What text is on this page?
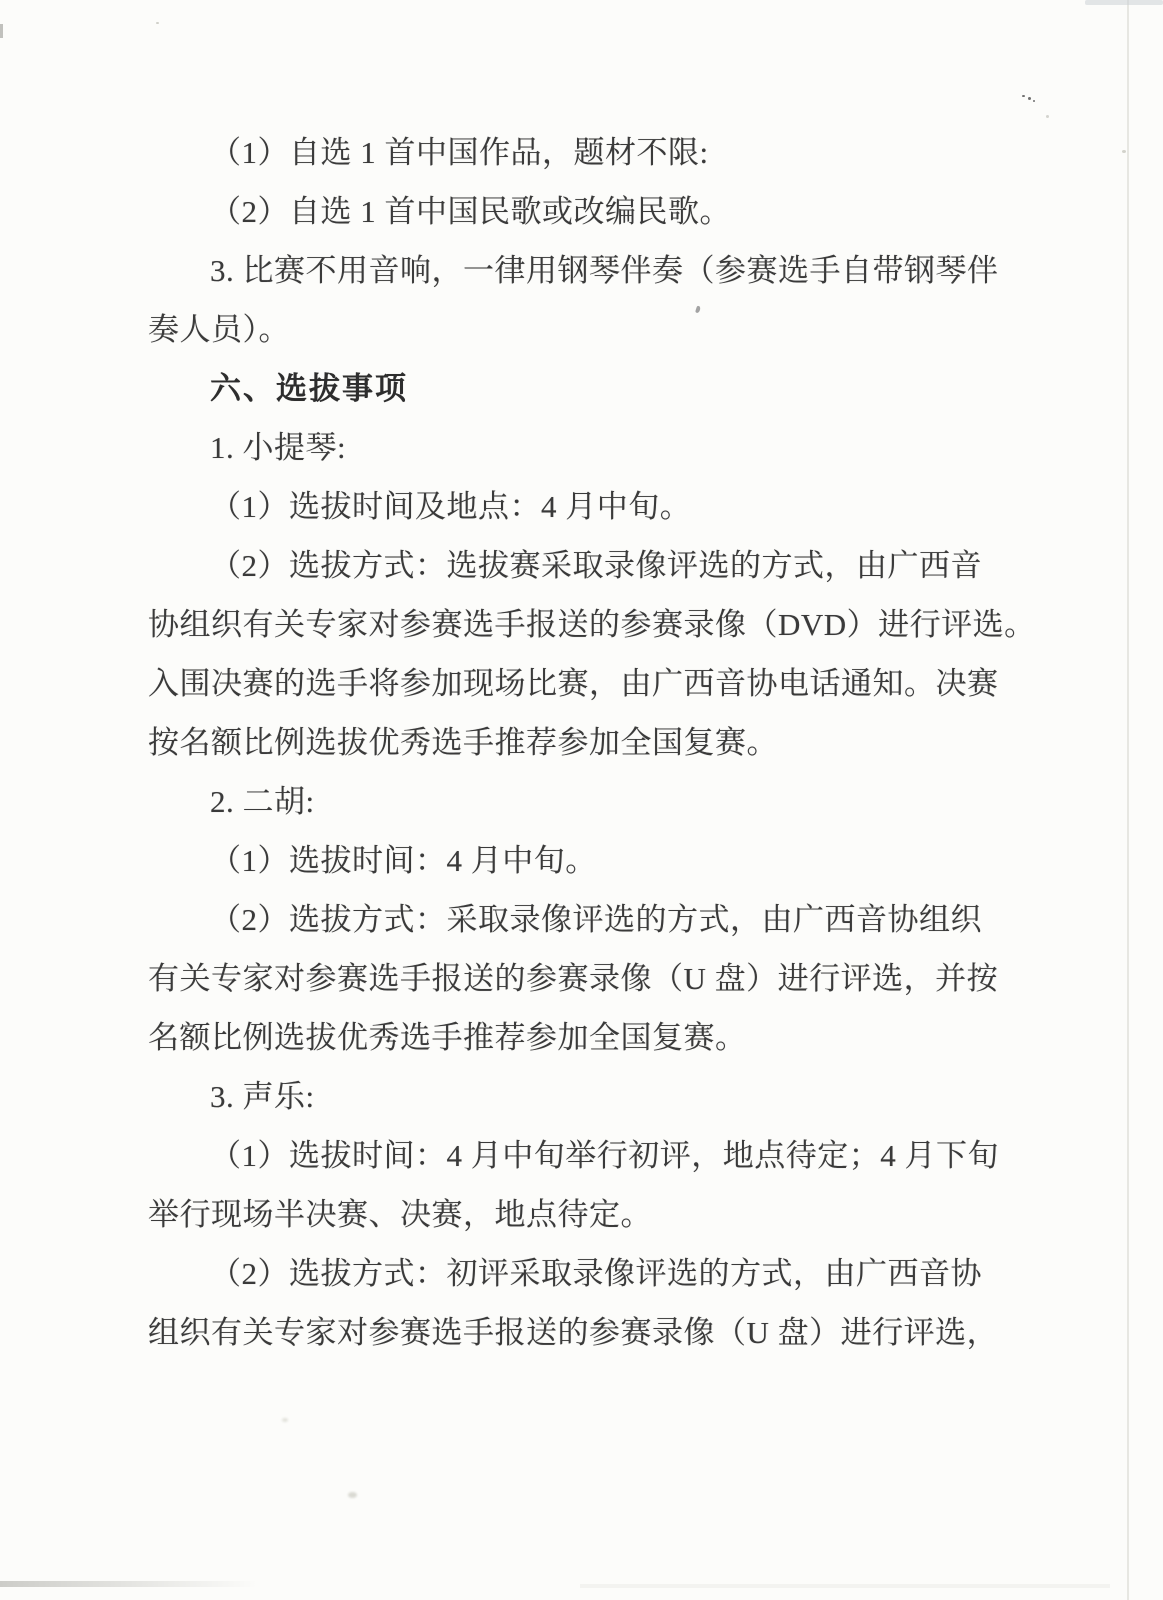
（1）自选 1 首中国作品，题材不限:
（2）自选 1 首中国民歌或改编民歌。
3. 比赛不用音响，一律用钢琴伴奏（参赛选手自带钢琴伴
奏人员）。
六、选拔事项
1. 小提琴:
（1）选拔时间及地点：4 月中旬。
（2）选拔方式：选拔赛采取录像评选的方式，由广西音
协组织有关专家对参赛选手报送的参赛录像（DVD）进行评选。
入围决赛的选手将参加现场比赛，由广西音协电话通知。决赛
按名额比例选拔优秀选手推荐参加全国复赛。
2. 二胡:
（1）选拔时间：4 月中旬。
（2）选拔方式：采取录像评选的方式，由广西音协组织
有关专家对参赛选手报送的参赛录像（U 盘）进行评选，并按
名额比例选拔优秀选手推荐参加全国复赛。
3. 声乐:
（1）选拔时间：4 月中旬举行初评，地点待定；4 月下旬
举行现场半决赛、决赛，地点待定。
（2）选拔方式：初评采取录像评选的方式，由广西音协
组织有关专家对参赛选手报送的参赛录像（U 盘）进行评选，
